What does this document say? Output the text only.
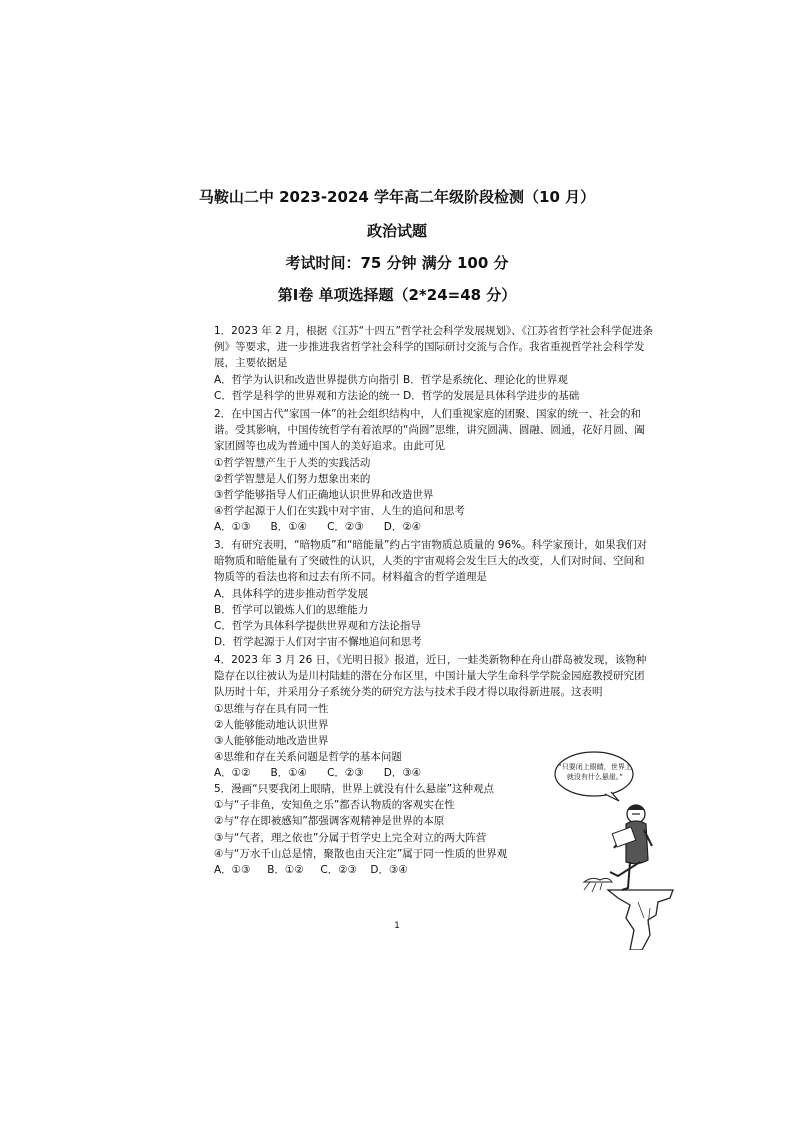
马鞍山二中 2023-2024 学年高二年级阶段检测（10 月）
政治试题
考试时间：75 分钟 满分 100 分
第Ⅰ卷 单项选择题（2*24=48 分）

1．2023 年 2 月，根据《江苏“十四五”哲学社会科学发展规划》、《江苏省哲学社会科学促进条例》等要求，进一步推进我省哲学社会科学的国际研讨交流与合作。我省重视哲学社会科学发展，主要依据是

A．哲学为认识和改造世界提供方向指引 B．哲学是系统化、理论化的世界观

C．哲学是科学的世界观和方法论的统一 D．哲学的发展是具体科学进步的基础

2．在中国古代“家国一体”的社会组织结构中，人们重视家庭的团聚、国家的统一、社会的和谐。受其影响，中国传统哲学有着浓厚的“尚圆”思维，讲究圆满、圆融、圆通，花好月圆、阖家团圆等也成为普通中国人的美好追求。由此可见

①哲学智慧产生于人类的实践活动

②哲学智慧是人们努力想象出来的

③哲学能够指导人们正确地认识世界和改造世界

④哲学起源于人们在实践中对宇宙、人生的追问和思考

A．①③      B．①④      C．②③      D．②④

3．有研究表明，“暗物质”和“暗能量”约占宇宙物质总质量的 96%。科学家预计，如果我们对暗物质和暗能量有了突破性的认识，人类的宇宙观将会发生巨大的改变，人们对时间、空间和物质等的看法也将和过去有所不同。材料蕴含的哲学道理是

A．具体科学的进步推动哲学发展

B．哲学可以锻炼人们的思维能力

C．哲学为具体科学提供世界观和方法论指导

D．哲学起源于人们对宇宙不懈地追问和思考

4．2023 年 3 月 26 日，《光明日报》报道，近日，一蛙类新物种在舟山群岛被发现，该物种隐存在以往被认为是川村陆蛙的潜在分布区里，中国计量大学生命科学学院金园庭教授研究团队历时十年，并采用分子系统分类的研究方法与技术手段才得以取得新进展。这表明

①思维与存在具有同一性

②人能够能动地认识世界

③人能够能动地改造世界

④思维和存在关系问题是哲学的基本问题

A．①②      B．①④      C．②③      D．③④

5．漫画“只要我闭上眼睛，世界上就没有什么悬崖”这种观点

①与“子非鱼，安知鱼之乐”都否认物质的客观实在性

②与“存在即被感知”都强调客观精神是世界的本原

③与“气者，理之依也”分属于哲学史上完全对立的两大阵营

④与“万水千山总是情，聚散也由天注定”属于同一性质的世界观

A．①③     B．①②     C．②③    D．③④

“只要闭上眼睛，世界上就没有什么悬崖。”
1
